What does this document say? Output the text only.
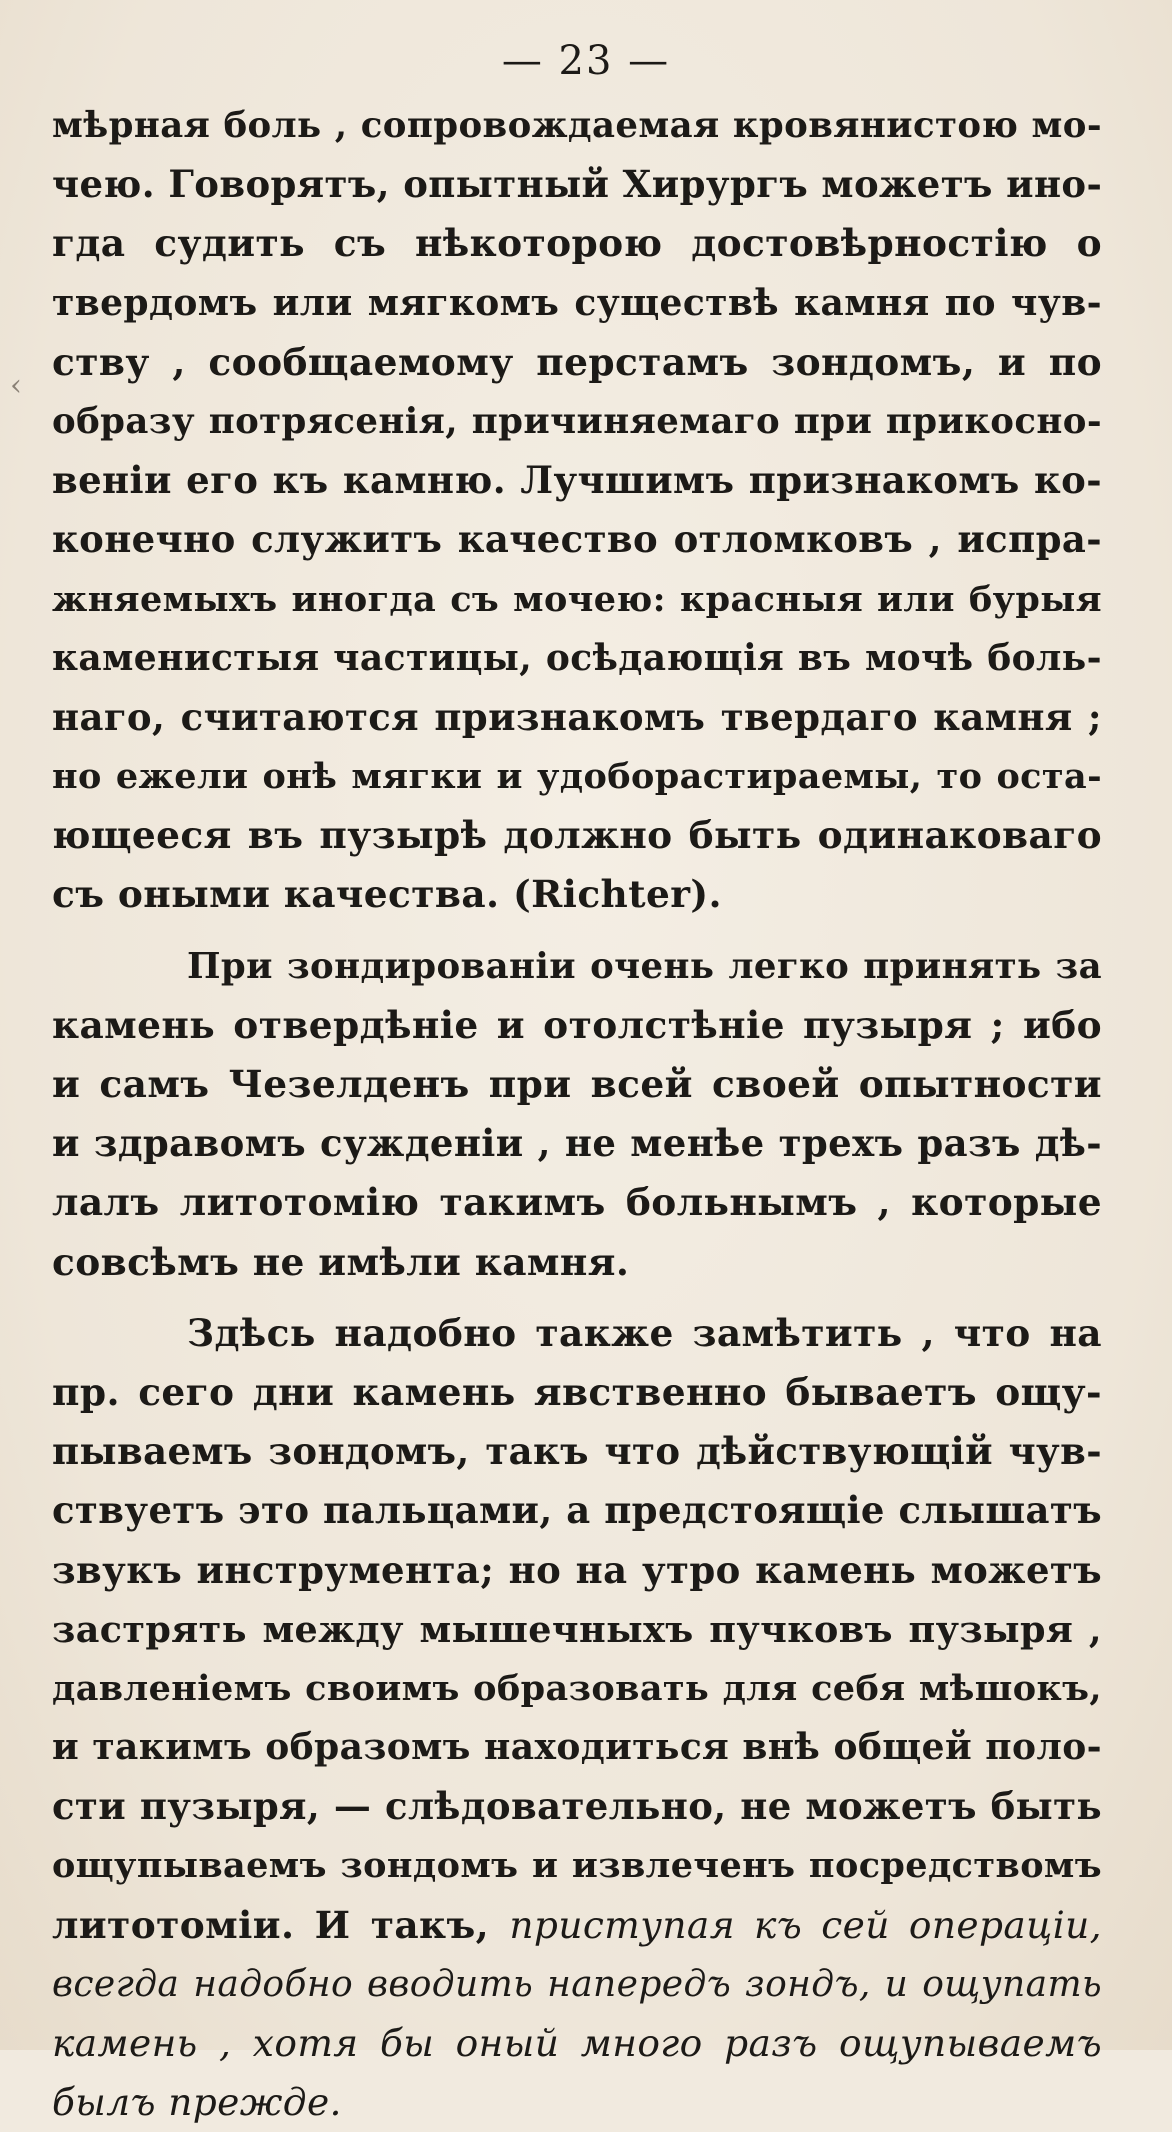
— 23 —
‹
мѣрная боль , сопровождаемая кровянистою мо-
чею. Говорятъ, опытный Хирургъ можетъ ино-
гда судить съ нѣкоторою достовѣрностію о
твердомъ или мягкомъ существѣ камня по чув-
ству , сообщаемому перстамъ зондомъ, и по
образу потрясенія, причиняемаго при прикосно-
веніи его къ камню. Лучшимъ признакомъ ко-
конечно служитъ качество отломковъ , испра-
жняемыхъ иногда съ мочею: красныя или бурыя
каменистыя частицы, осѣдающія въ мочѣ боль-
наго, считаются признакомъ твердаго камня ;
но ежели онѣ мягки и удоборастираемы, то оста-
ющееся въ пузырѣ должно быть одинаковаго
съ оными качества. (Richter).
При зондированіи очень легко принять за
камень отвердѣніе и отолстѣніе пузыря ; ибо
и самъ Чезелденъ при всей своей опытности
и здравомъ сужденіи , не менѣе трехъ разъ дѣ-
лалъ литотомію такимъ больнымъ , которые
совсѣмъ не имѣли камня.
Здѣсь надобно также замѣтить , что на
пр. сего дни камень явственно бываетъ ощу-
пываемъ зондомъ, такъ что дѣйствующій чув-
ствуетъ это пальцами, а предстоящіе слышатъ
звукъ инструмента; но на утро камень можетъ
застрять между мышечныхъ пучковъ пузыря ,
давленіемъ своимъ образовать для себя мѣшокъ,
и такимъ образомъ находиться внѣ общей поло-
сти пузыря, — слѣдовательно, не можетъ быть
ощупываемъ зондомъ и извлеченъ посредствомъ
литотоміи. И такъ, приступая къ сей операціи,
всегда надобно вводить напередъ зондъ, и ощупать
камень , хотя бы оный много разъ ощупываемъ
былъ прежде.
